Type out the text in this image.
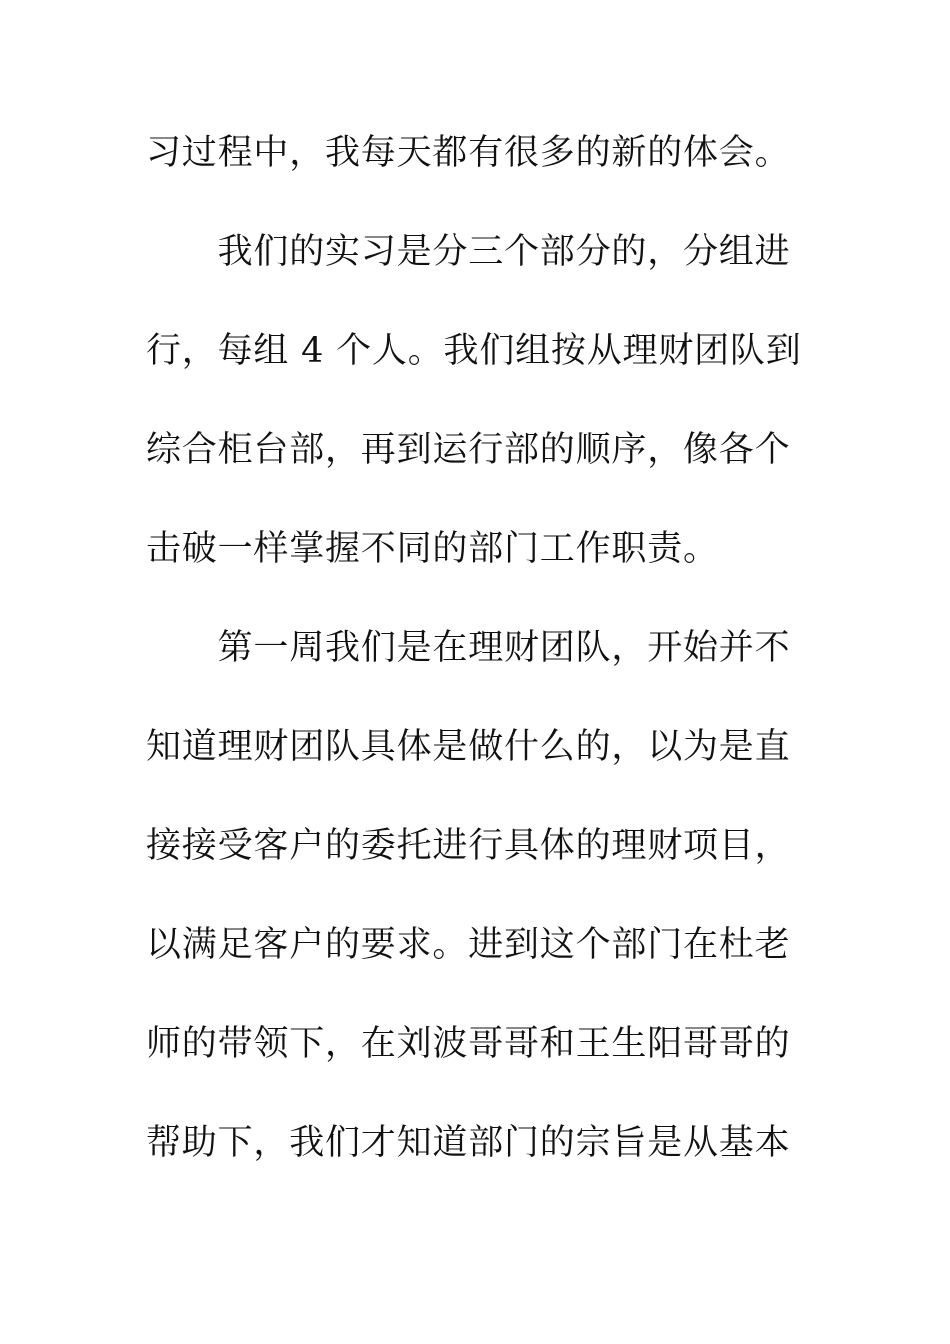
习过程中，我每天都有很多的新的体会。
　　我们的实习是分三个部分的，分组进
行，每组 4 个人。我们组按从理财团队到
综合柜台部，再到运行部的顺序，像各个
击破一样掌握不同的部门工作职责。
　　第一周我们是在理财团队，开始并不
知道理财团队具体是做什么的，以为是直
接接受客户的委托进行具体的理财项目，
以满足客户的要求。进到这个部门在杜老
师的带领下，在刘波哥哥和王生阳哥哥的
帮助下，我们才知道部门的宗旨是从基本
